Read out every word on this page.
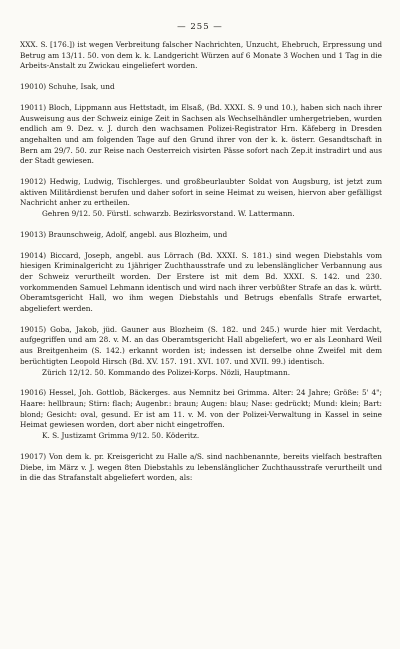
— 255 —

XXX. S. [176.]) ist wegen Verbreitung falscher Nachrichten, Unzucht, Ehebruch, Erpressung und Betrug am 13/11. 50. von dem k. k. Landgericht Würzen auf 6 Monate 3 Wochen und 1 Tag in die Arbeits-Anstalt zu Zwickau eingeliefert worden.

19010) Schuhe, Isak, und

19011) Bloch, Lippmann aus Hettstadt, im Elsaß, (Bd. XXXI. S. 9 und 10.), haben sich nach ihrer Ausweisung aus der Schweiz einige Zeit in Sachsen als Wechselhändler umhergetrieben, wurden endlich am 9. Dez. v. J. durch den wachsamen Polizei-Registrator Hrn. Käfeberg in Dresden angehalten und am folgenden Tage auf den Grund ihrer von der k. k. österr. Gesandtschaft in Bern am 29/7. 50. zur Reise nach Oesterreich visirten Pässe sofort nach Zep.it instradirt und aus der Stadt gewiesen.

19012) Hedwig, Ludwig, Tischlerges. und großbeurlaubter Soldat von Augsburg, ist jetzt zum aktiven Militärdienst berufen und daher sofort in seine Heimat zu weisen, hiervon aber gefälligst Nachricht anher zu ertheilen.

Gehren 9/12. 50. Fürstl. schwarzb. Bezirksvorstand. W. Lattermann.

19013) Braunschweig, Adolf, angebl. aus Blozheim, und

19014) Biccard, Joseph, angebl. aus Lörrach (Bd. XXXI. S. 181.) sind wegen Diebstahls vom hiesigen Kriminalgericht zu 1jähriger Zuchthausstrafe und zu lebenslänglicher Verbannung aus der Schweiz verurtheilt worden. Der Erstere ist mit dem Bd. XXXI. S. 142. und 230. vorkommenden Samuel Lehmann identisch und wird nach ihrer verbüßter Strafe an das k. württ. Oberamtsgericht Hall, wo ihm wegen Diebstahls und Betrugs ebenfalls Strafe erwartet, abgeliefert werden.

19015) Goba, Jakob, jüd. Gauner aus Blozheim (S. 182. und 245.) wurde hier mit Verdacht, aufgegriffen und am 28. v. M. an das Oberamtsgericht Hall abgeliefert, wo er als Leonhard Weil aus Breitgenheim (S. 142.) erkannt worden ist; indessen ist derselbe ohne Zweifel mit dem berüchtigten Leopold Hirsch (Bd. XV. 157. 191. XVI. 107. und XVII. 99.) identisch.

Zürich 12/12. 50. Kommando des Polizei-Korps. Nözli, Hauptmann.

19016) Hessel, Joh. Gottlob, Bäckerges. aus Nemnitz bei Grimma. Alter: 24 Jahre; Größe: 5' 4"; Haare: hellbraun; Stirn: flach; Augenbr.: braun; Augen: blau; Nase: gedrückt; Mund: klein; Bart: blond; Gesicht: oval, gesund. Er ist am 11. v. M. von der Polizei-Verwaltung in Kassel in seine Heimat gewiesen worden, dort aber nicht eingetroffen.

K. S. Justizamt Grimma 9/12. 50. Köderitz.

19017) Von dem k. pr. Kreisgericht zu Halle a/S. sind nachbenannte, bereits vielfach bestraften Diebe, im März v. J. wegen 8ten Diebstahls zu lebenslänglicher Zuchthausstrafe verurtheilt und in die das Strafanstalt abgeliefert worden, als:
